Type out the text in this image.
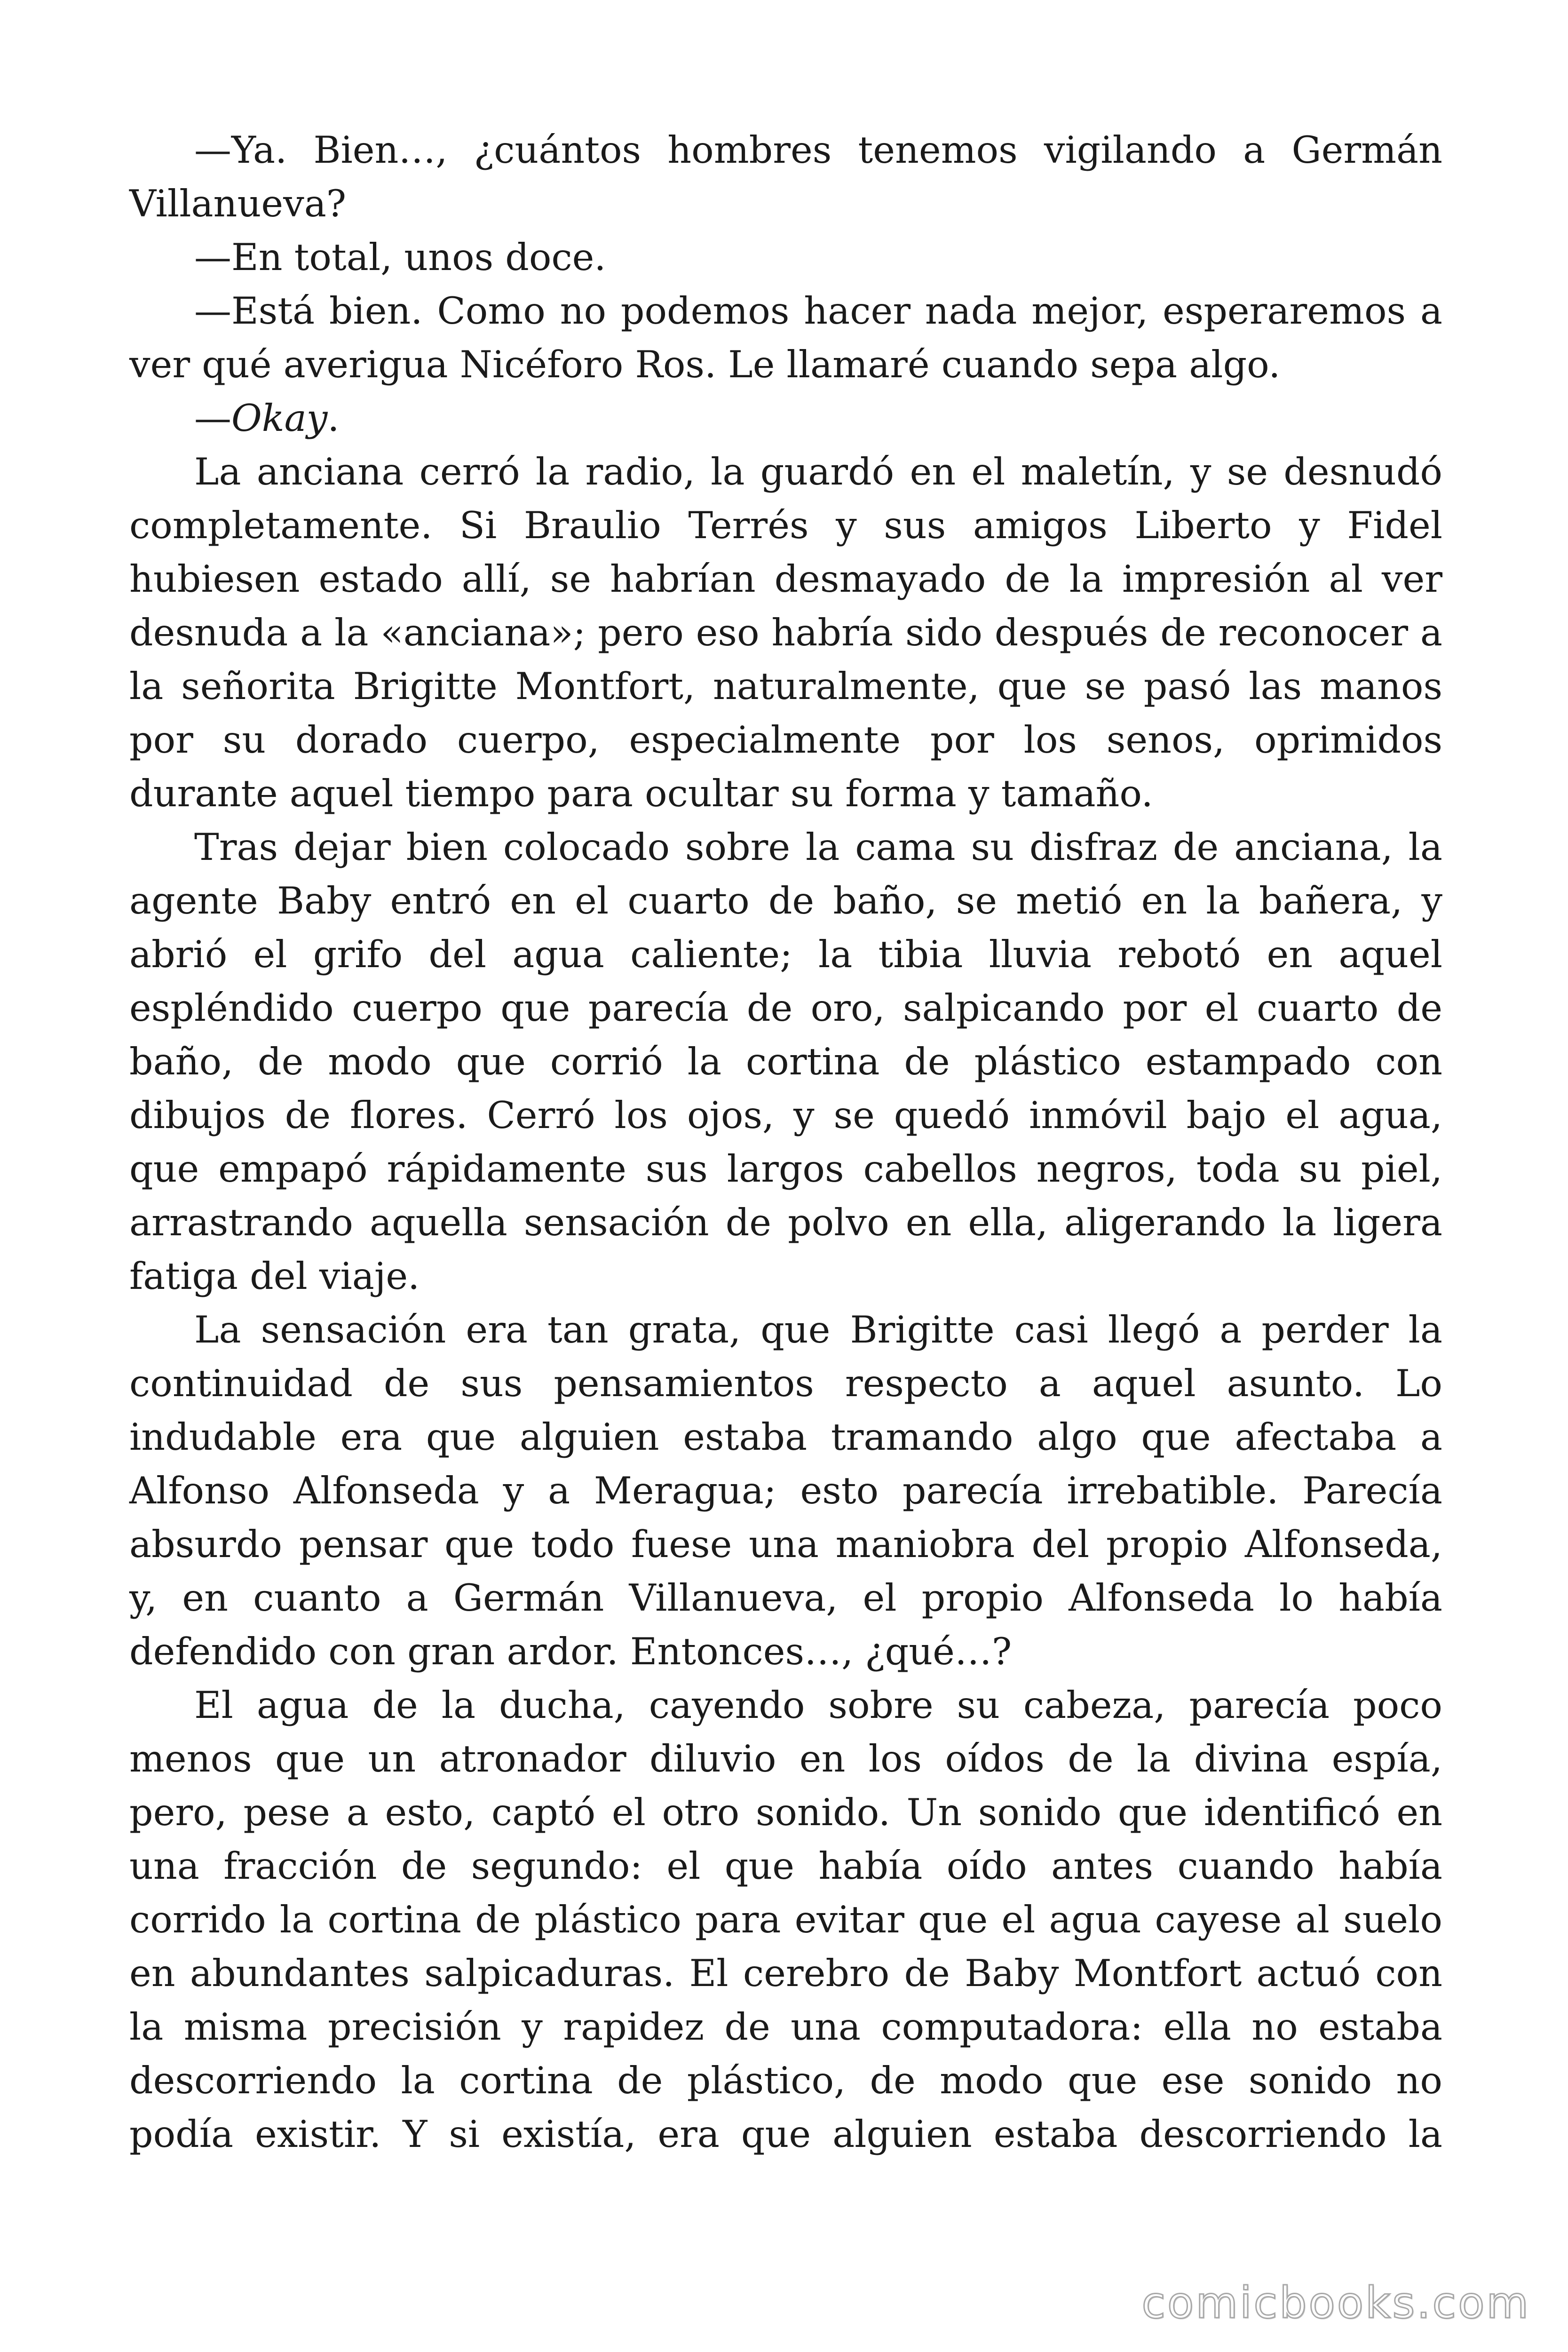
—Ya. Bien…, ¿cuántos hombres tenemos vigilando a Germán
Villanueva?
—En total, unos doce.
—Está bien. Como no podemos hacer nada mejor, esperaremos a
ver qué averigua Nicéforo Ros. Le llamaré cuando sepa algo.
—Okay.
La anciana cerró la radio, la guardó en el maletín, y se desnudó
completamente. Si Braulio Terrés y sus amigos Liberto y Fidel
hubiesen estado allí, se habrían desmayado de la impresión al ver
desnuda a la «anciana»; pero eso habría sido después de reconocer a
la señorita Brigitte Montfort, naturalmente, que se pasó las manos
por su dorado cuerpo, especialmente por los senos, oprimidos
durante aquel tiempo para ocultar su forma y tamaño.
Tras dejar bien colocado sobre la cama su disfraz de anciana, la
agente Baby entró en el cuarto de baño, se metió en la bañera, y
abrió el grifo del agua caliente; la tibia lluvia rebotó en aquel
espléndido cuerpo que parecía de oro, salpicando por el cuarto de
baño, de modo que corrió la cortina de plástico estampado con
dibujos de flores. Cerró los ojos, y se quedó inmóvil bajo el agua,
que empapó rápidamente sus largos cabellos negros, toda su piel,
arrastrando aquella sensación de polvo en ella, aligerando la ligera
fatiga del viaje.
La sensación era tan grata, que Brigitte casi llegó a perder la
continuidad de sus pensamientos respecto a aquel asunto. Lo
indudable era que alguien estaba tramando algo que afectaba a
Alfonso Alfonseda y a Meragua; esto parecía irrebatible. Parecía
absurdo pensar que todo fuese una maniobra del propio Alfonseda,
y, en cuanto a Germán Villanueva, el propio Alfonseda lo había
defendido con gran ardor. Entonces…, ¿qué…?
El agua de la ducha, cayendo sobre su cabeza, parecía poco
menos que un atronador diluvio en los oídos de la divina espía,
pero, pese a esto, captó el otro sonido. Un sonido que identificó en
una fracción de segundo: el que había oído antes cuando había
corrido la cortina de plástico para evitar que el agua cayese al suelo
en abundantes salpicaduras. El cerebro de Baby Montfort actuó con
la misma precisión y rapidez de una computadora: ella no estaba
descorriendo la cortina de plástico, de modo que ese sonido no
podía existir. Y si existía, era que alguien estaba descorriendo la
comicbooks.com
